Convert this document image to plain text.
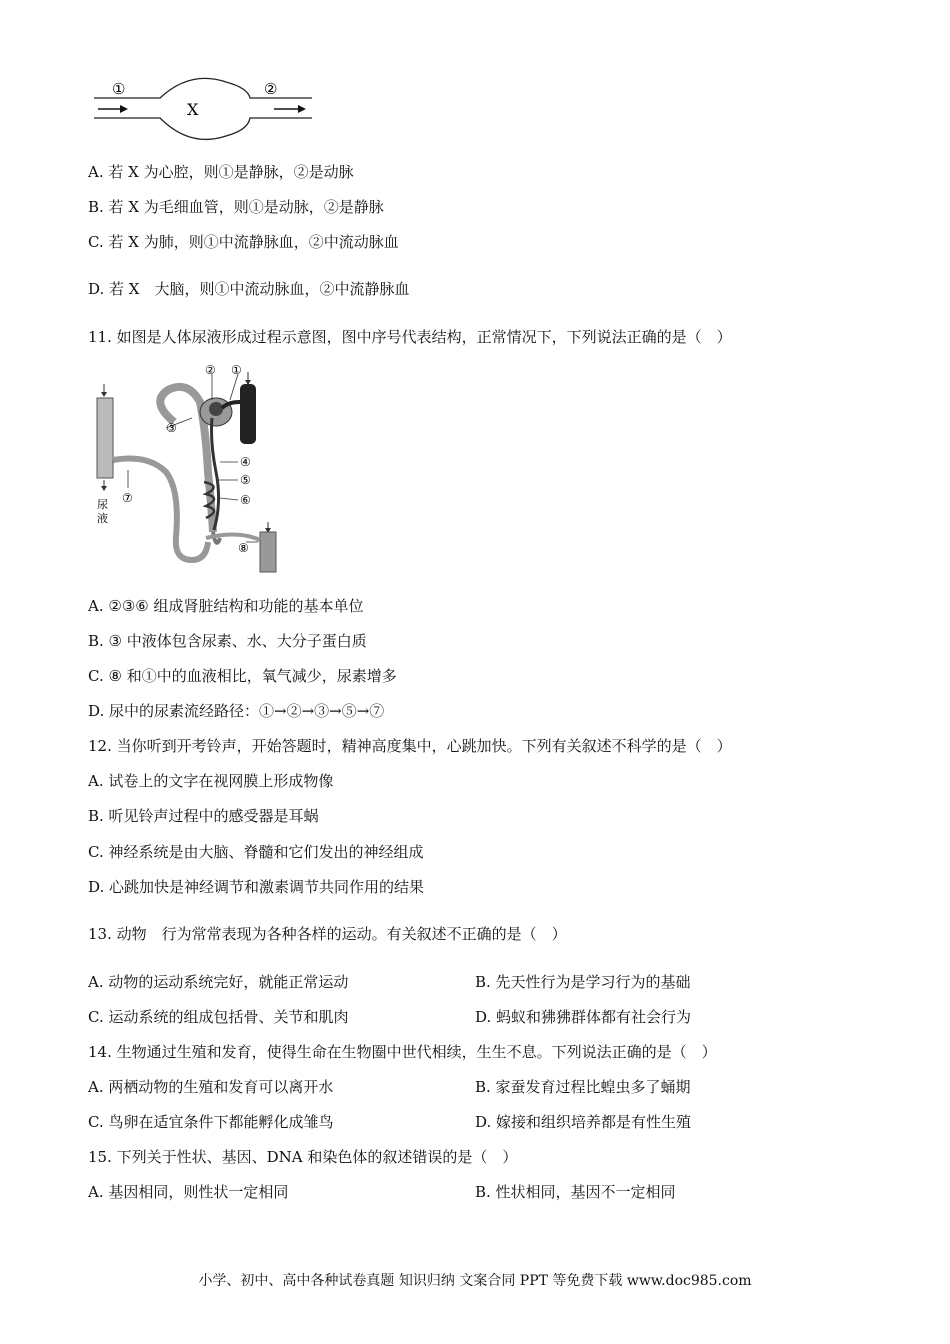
①	②
X
A. 若 X 为心腔，则①是静脉，②是动脉
B. 若 X 为毛细血管，则①是动脉，②是静脉
C. 若 X 为肺，则①中流静脉血，②中流动脉血
D. 若 X　大脑，则①中流动脉血，②中流静脉血
11. 如图是人体尿液形成过程示意图，图中序号代表结构，正常情况下，下列说法正确的是（　）
尿
液
② ①
③
④
⑤
⑥
⑦
⑧
A. ②③⑥ 组成肾脏结构和功能的基本单位
B. ③ 中液体包含尿素、水、大分子蛋白质
C. ⑧ 和①中的血液相比，氧气减少，尿素增多
D. 尿中的尿素流经路径：①→②→③→⑤→⑦
12. 当你听到开考铃声，开始答题时，精神高度集中，心跳加快。下列有关叙述不科学的是（　）
A. 试卷上的文字在视网膜上形成物像
B. 听见铃声过程中的感受器是耳蜗
C. 神经系统是由大脑、脊髓和它们发出的神经组成
D. 心跳加快是神经调节和激素调节共同作用的结果
13. 动物　行为常常表现为各种各样的运动。有关叙述不正确的是（　）
A. 动物的运动系统完好，就能正常运动	B. 先天性行为是学习行为的基础
C. 运动系统的组成包括骨、关节和肌肉	D. 蚂蚁和狒狒群体都有社会行为
14. 生物通过生殖和发育，使得生命在生物圈中世代相续，生生不息。下列说法正确的是（　）
A. 两栖动物的生殖和发育可以离开水	B. 家蚕发育过程比蝗虫多了蛹期
C. 鸟卵在适宜条件下都能孵化成雏鸟	D. 嫁接和组织培养都是有性生殖
15. 下列关于性状、基因、DNA 和染色体的叙述错误的是（　）
A. 基因相同，则性状一定相同	B. 性状相同，基因不一定相同
小学、初中、高中各种试卷真题 知识归纳 文案合同 PPT 等免费下载 www.doc985.com
